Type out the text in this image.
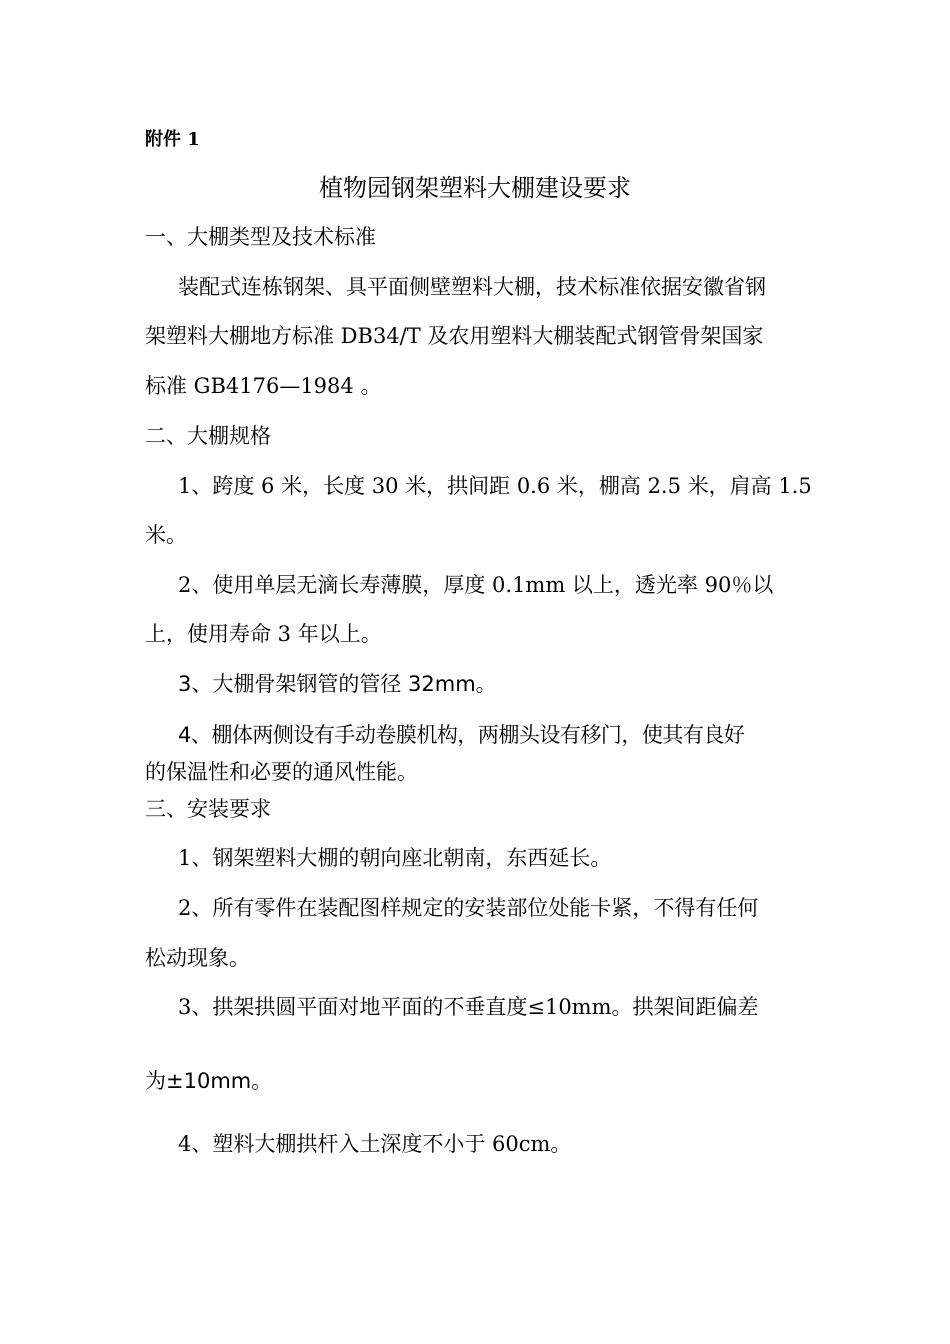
附件 1
植物园钢架塑料大棚建设要求
一、大棚类型及技术标准
装配式连栋钢架、具平面侧壁塑料大棚，技术标准依据安徽省钢
架塑料大棚地方标准 DB34/T 及农用塑料大棚装配式钢管骨架国家
标准 GB4176—1984 。
二、大棚规格
1、跨度 6 米，长度 30 米，拱间距 0.6 米，棚高 2.5 米，肩高 1.5
米。
2、使用单层无滴长寿薄膜，厚度 0.1mm 以上，透光率 90％以
上，使用寿命 3 年以上。
3、大棚骨架钢管的管径 32mm。
4、棚体两侧设有手动卷膜机构，两棚头设有移门，使其有良好
的保温性和必要的通风性能。
三、安装要求
1、钢架塑料大棚的朝向座北朝南，东西延长。
2、所有零件在装配图样规定的安装部位处能卡紧，不得有任何
松动现象。
3、拱架拱圆平面对地平面的不垂直度≤10mm。拱架间距偏差
为±10mm。
4、塑料大棚拱杆入土深度不小于 60cm。
